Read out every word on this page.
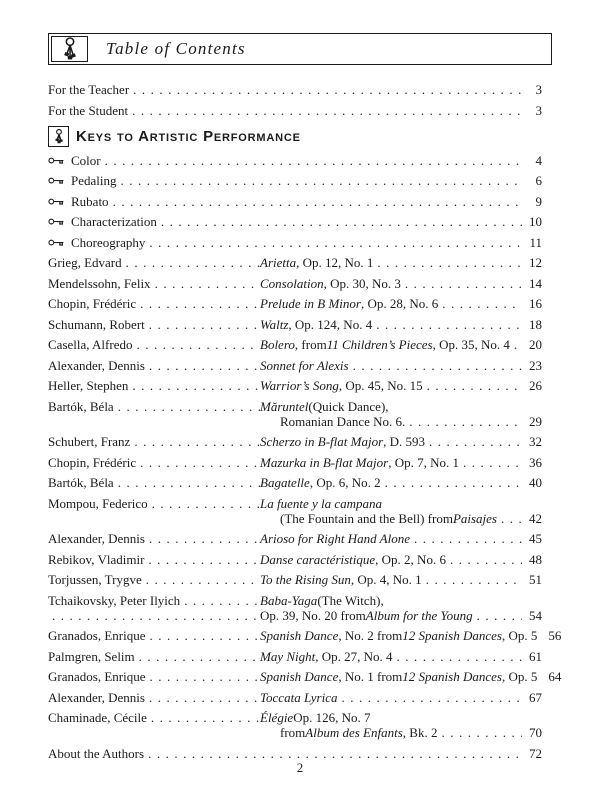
Table of Contents
For the Teacher .....	3
For the Student .....	3
Keys to Artistic Performance
Color .....	4
Pedaling .....	6
Rubato .....	9
Characterization .....	10
Choreography .....	11
Grieg, Edvard .....	Arietta , Op. 12, No. 1 .....	12
Mendelssohn, Felix .....	Consolation , Op. 30, No. 3 .....	14
Chopin, Frédéric .....	Prelude in B Minor , Op. 28, No. 6 .....	16
Schumann, Robert .....	Waltz , Op. 124, No. 4 .....	18
Casella, Alfredo .....	Bolero , from 11 Children’s Pieces , Op. 35, No. 4 .....	20
Alexander, Dennis .....	Sonnet for Alexis .....	23
Heller, Stephen .....	Warrior’s Song , Op. 45, No. 15 .....	26
Bartók, Béla .....	Măruntel (Quick Dance),
Romanian Dance No. 6. .....	29
Schubert, Franz .....	Scherzo in B-flat Major , D. 593 .....	32
Chopin, Frédéric .....	Mazurka in B-flat Major , Op. 7, No. 1 .....	36
Bartók, Béla .....	Bagatelle , Op. 6, No. 2 .....	40
Mompou, Federico .....	La fuente y la campana
(The Fountain and the Bell) from Paisajes .....	42
Alexander, Dennis .....	Arioso for Right Hand Alone .....	45
Rebikov, Vladimir .....	Danse caractéristique , Op. 2, No. 6 .....	48
Torjussen, Trygve .....	To the Rising Sun , Op. 4, No. 1 .....	51
Tchaikovsky, Peter Ilyich .....	Baba-Yaga (The Witch),
.....
Op. 39, No. 20 from Album for the Young .....	54
Granados, Enrique .....	Spanish Dance , No. 2 from 12 Spanish Dances , Op. 5 ..... 56
Palmgren, Selim .....	May Night , Op. 27, No. 4 .....	61
Granados, Enrique .....	Spanish Dance , No. 1 from 12 Spanish Dances , Op. 5 ..... 64
Alexander, Dennis .....	Toccata Lyrica .....	67
Chaminade, Cécile .....	Élégie Op. 126, No. 7
from Album des Enfants , Bk. 2 .....	70
About the Authors .....	72
2
